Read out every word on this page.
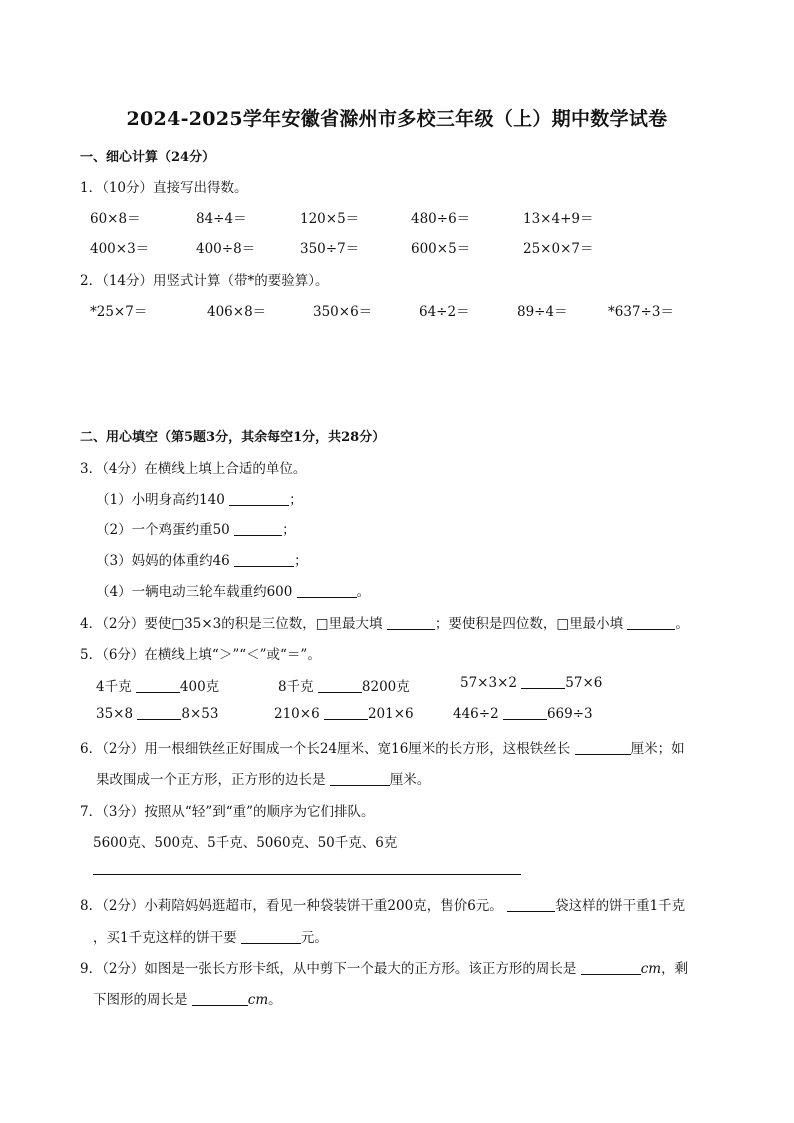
2024-2025学年安徽省滁州市多校三年级（上）期中数学试卷
一、细心计算（24分）
1．（10分）直接写出得数。
60×8＝	84÷4＝	120×5＝	480÷6＝	13×4+9＝
400×3＝	400÷8＝	350÷7＝	600×5＝	25×0×7＝
2．（14分）用竖式计算（带*的要验算）。
*25×7＝	406×8＝	350×6＝	64÷2＝	89÷4＝	*637÷3＝
二、用心填空（第5题3分，其余每空1分，共28分）
3．（4分）在横线上填上合适的单位。
（1）小明身高约140	；
（2）一个鸡蛋约重50	；
（3）妈妈的体重约46	；
（4）一辆电动三轮车载重约600	。
4．（2分）要使□35×3的积是三位数，□里最大填	；要使积是四位数，□里最小填	。
5．（6分）在横线上填“＞”“＜”或“＝”。
4千克	400克	8千克	8200克	57×3×2	57×6
35×8	8×53	210×6	201×6	446÷2	669÷3
6．（2分）用一根细铁丝正好围成一个长24厘米、宽16厘米的长方形，这根铁丝长	厘米；如
果改围成一个正方形，正方形的边长是	厘米。
7．（3分）按照从“轻”到“重”的顺序为它们排队。
5600克、500克、5千克、5060克、50千克、6克
8．（2分）小莉陪妈妈逛超市，看见一种袋装饼干重200克，售价6元。	袋这样的饼干重1千克
，买1千克这样的饼干要	元。
9．（2分）如图是一张长方形卡纸，从中剪下一个最大的正方形。该正方形的周长是	cm，剩
下图形的周长是	cm。
